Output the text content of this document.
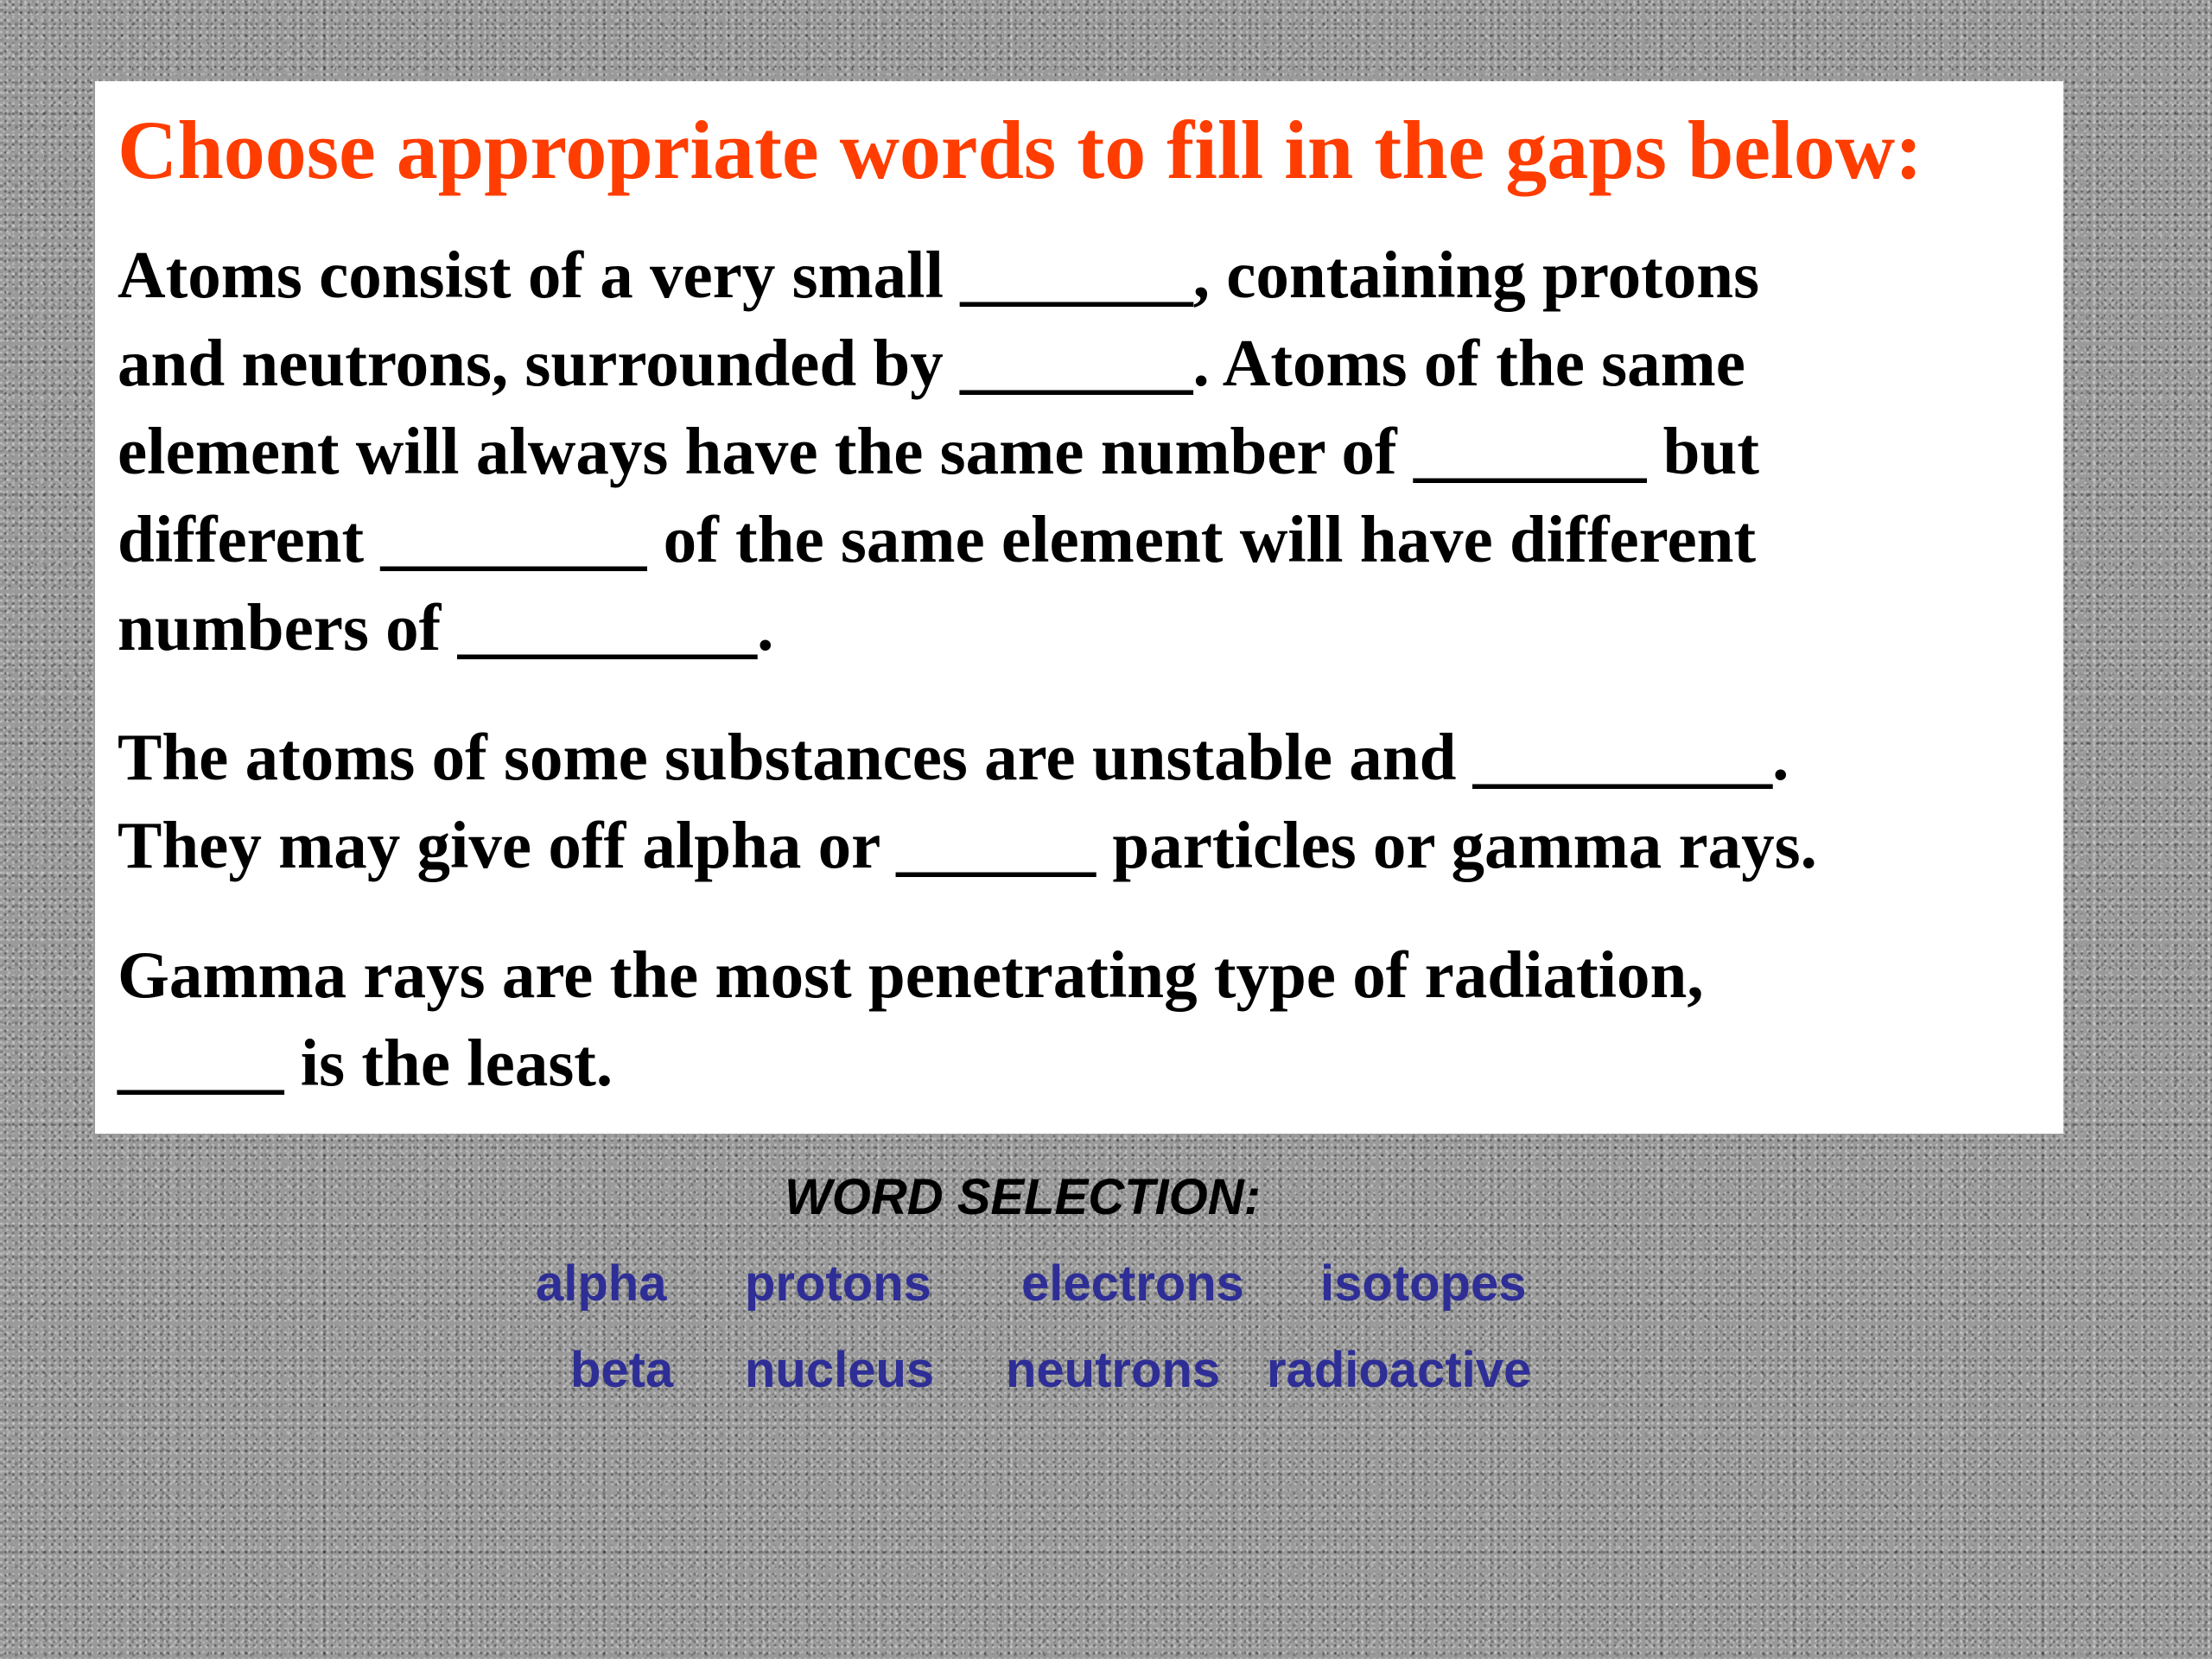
Choose appropriate words to fill in the gaps below:
Atoms consist of a very small _______, containing protons
and neutrons, surrounded by _______. Atoms of the same
element will always have the same number of _______ but
different ________ of the same element will have different
numbers of _________.
The atoms of some substances are unstable and _________.
They may give off alpha or ______ particles or gamma rays.
Gamma rays are the most penetrating type of radiation,
_____ is the least.
WORD SELECTION:
alpha protons electrons isotopes
beta nucleus neutrons radioactive
